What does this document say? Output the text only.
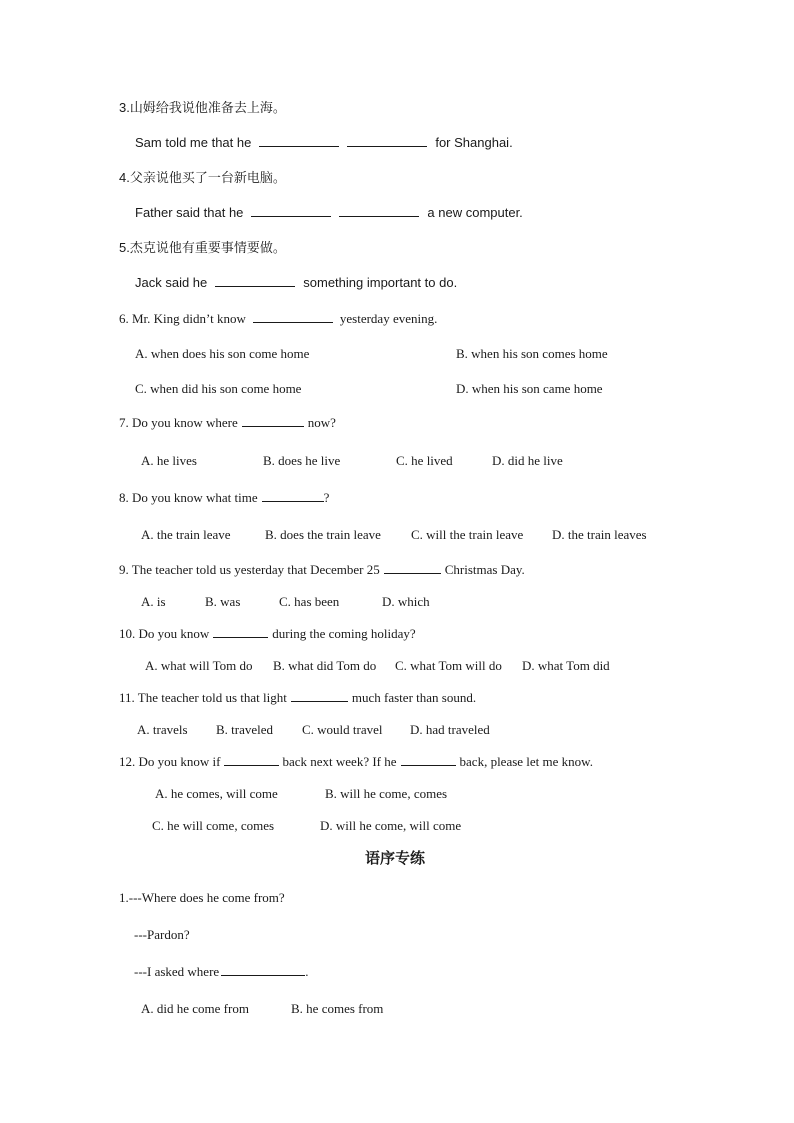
3.山姆给我说他准备去上海。
Sam told me that he	for Shanghai.
4.父亲说他买了一台新电脑。
Father said that he	a new computer.
5.杰克说他有重要事情要做。
Jack said he	something important to do.
6. Mr. King didn’t know	yesterday evening.
A. when does his son come home	B. when his son comes home
C. when did his son come home	D. when his son came home
7. Do you know where	now?
A. he lives	B. does he live	C. he lived	D. did he live
8. Do you know what time	?
A. the train leave	B. does the train leave C. will the train leave D. the train leaves
9. The teacher told us yesterday that December 25	Christmas Day.
A. is	B. was	C. has been	D. which
10. Do you know	during the coming holiday?
A. what will Tom do B. what did Tom do C. what Tom will do D. what Tom did
11. The teacher told us that light	much faster than sound.
A. travels B. traveled C. would travel D. had traveled
12. Do you know if	back next week? If he	back, please let me know.
A. he comes, will come	B. will he come, comes
C. he will come, comes	D. will he come, will come
语序专练
1.---Where does he come from?
---Pardon?
---I asked where	.
A. did he come from	B. he comes from
